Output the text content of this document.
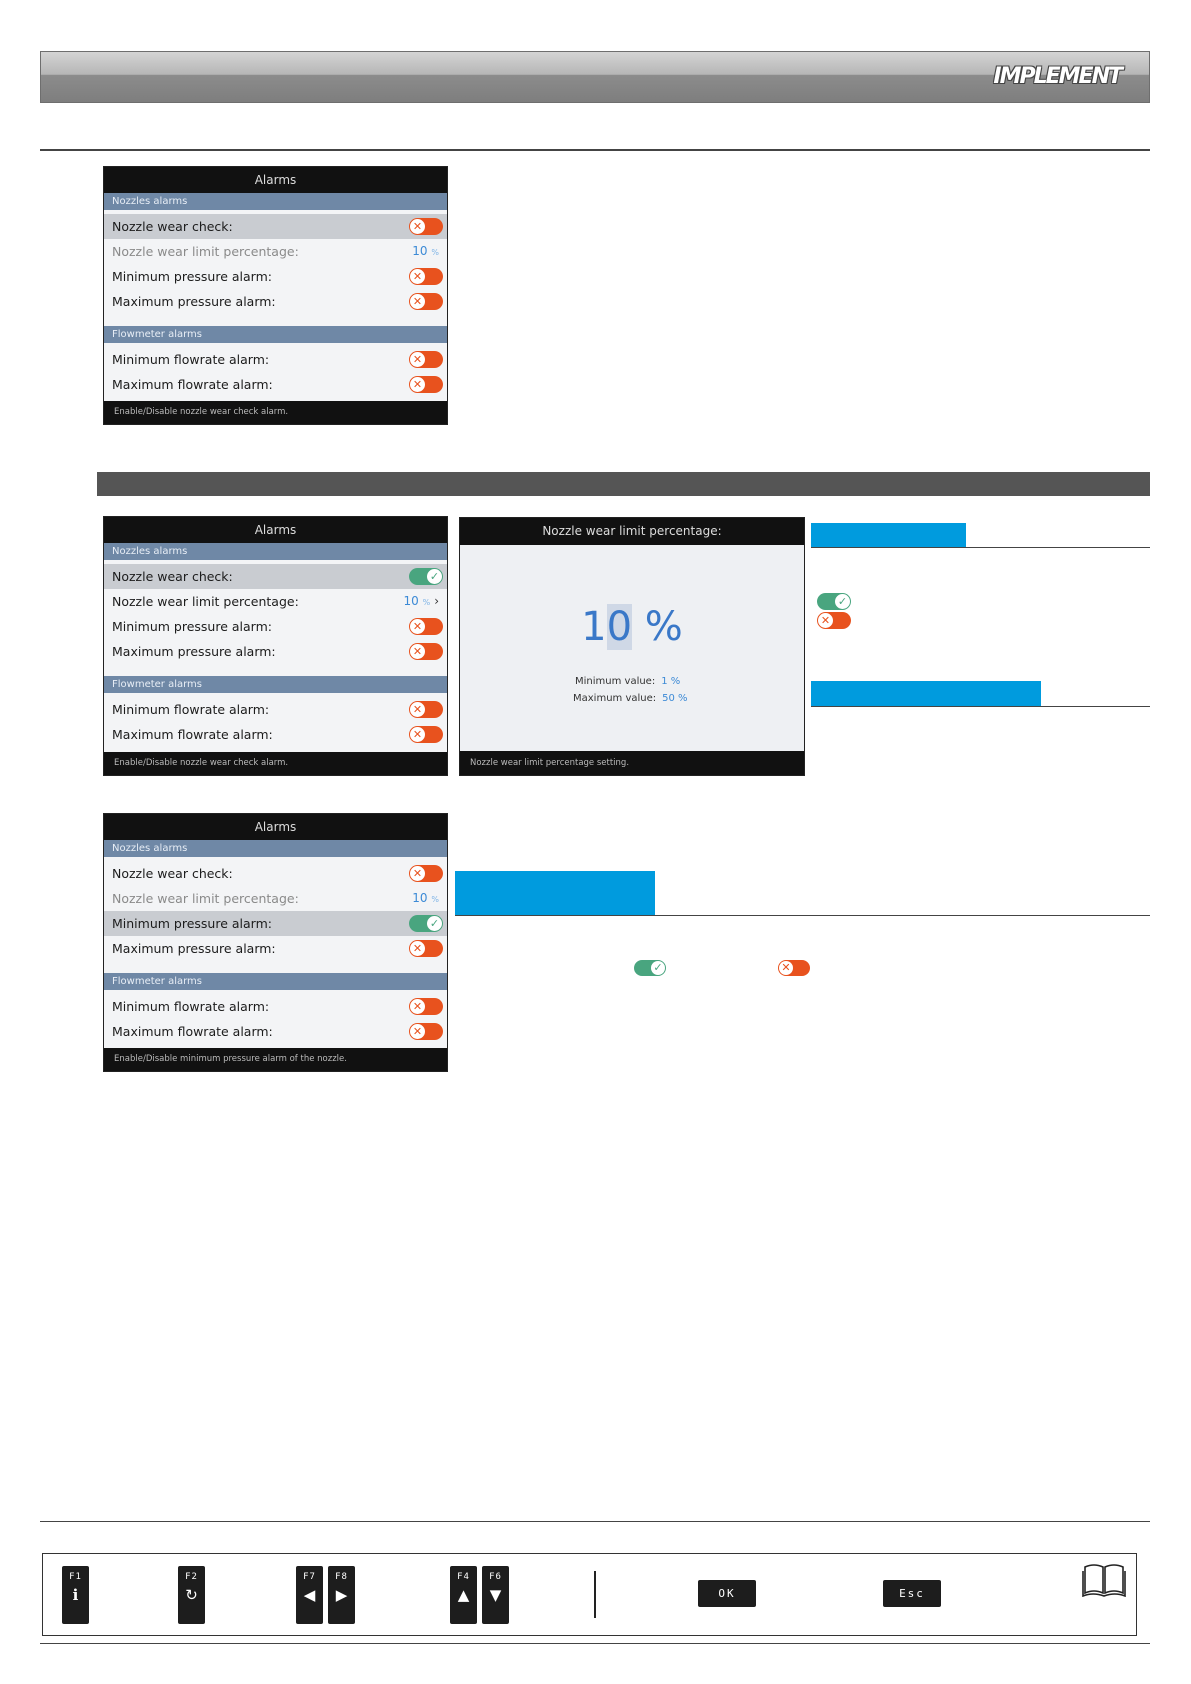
IMPLEMENT
Alarms
Nozzles alarms
Nozzle wear check:	✕
Nozzle wear limit percentage:	10 %
Minimum pressure alarm:	✕
Maximum pressure alarm:	✕
Flowmeter alarms
Minimum flowrate alarm:	✕
Maximum flowrate alarm:	✕
Enable/Disable nozzle wear check alarm.
Alarms
Nozzles alarms
Nozzle wear check:	✓
Nozzle wear limit percentage:	10 % ›
Minimum pressure alarm:	✕
Maximum pressure alarm:	✕
Flowmeter alarms
Minimum flowrate alarm:	✕
Maximum flowrate alarm:	✕
Enable/Disable nozzle wear check alarm.
Nozzle wear limit percentage:
10 %
Minimum value: 1 %
Maximum value: 50 %
Nozzle wear limit percentage setting.
✓
✕
Alarms
Nozzles alarms
Nozzle wear check:	✕
Nozzle wear limit percentage:	10 %
Minimum pressure alarm:	✓
Maximum pressure alarm:	✕
Flowmeter alarms
Minimum flowrate alarm:	✕
Maximum flowrate alarm:	✕
Enable/Disable minimum pressure alarm of the nozzle.
✓	✕
F1
i
F2
↻
F7
◀
F8
▶
F4
▲
F6
▼	OK	Esc
